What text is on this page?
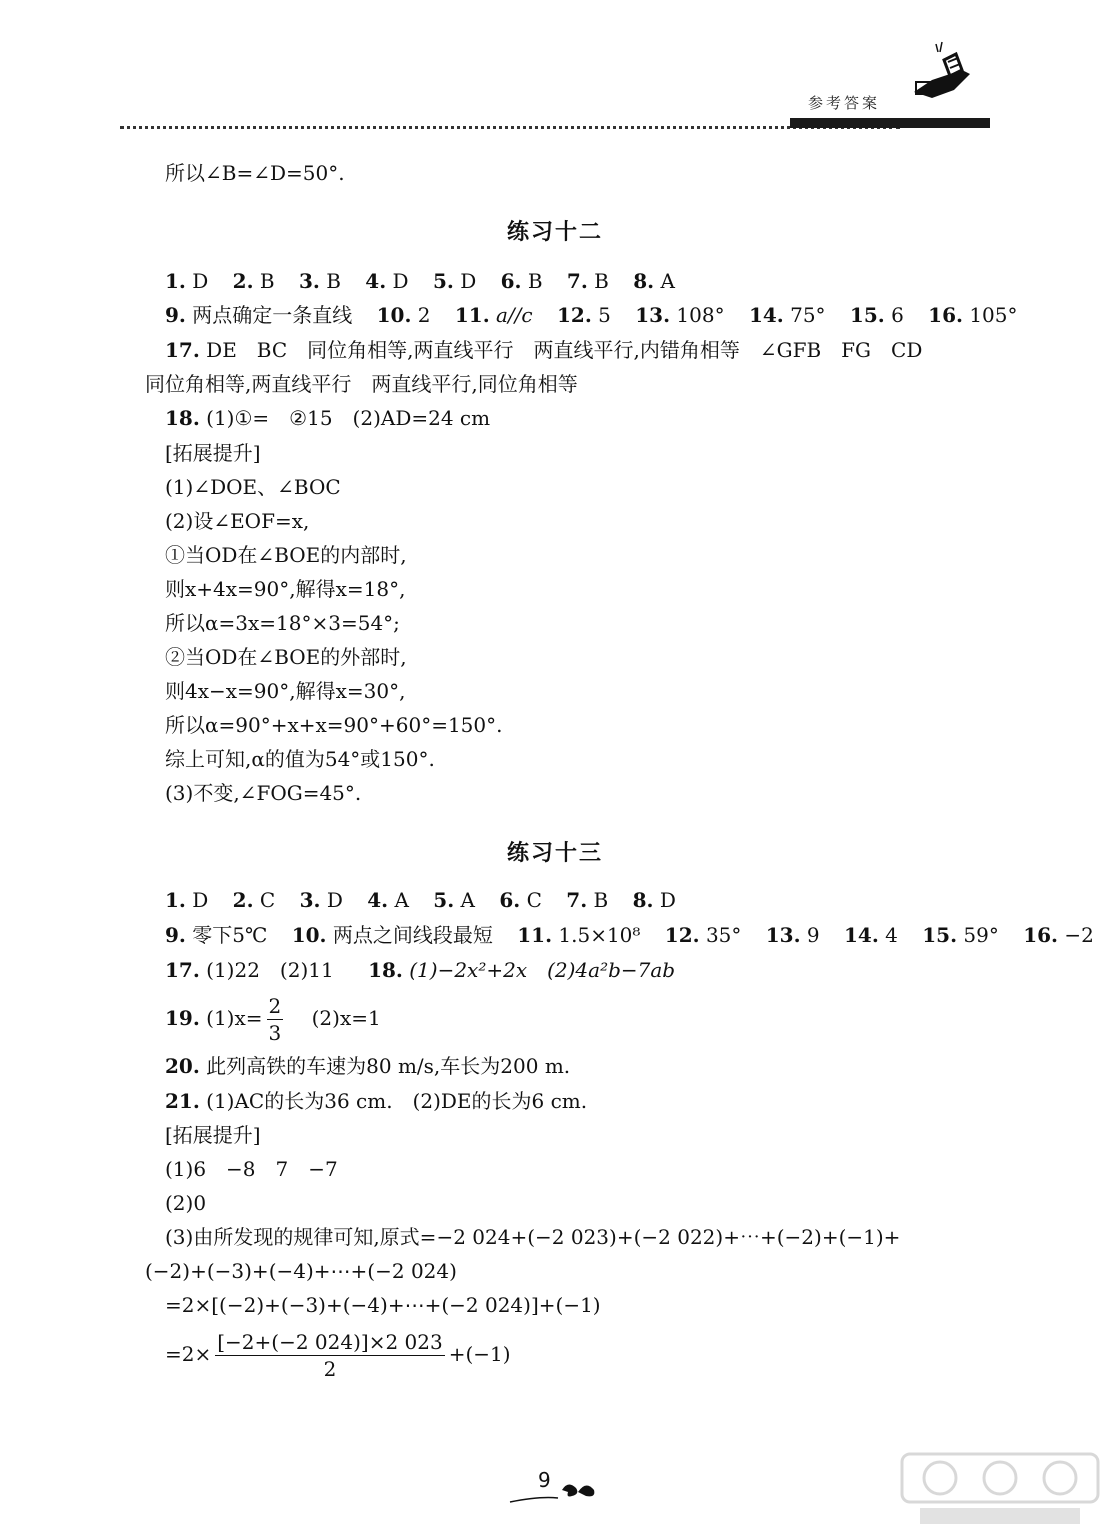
参考答案
所以∠B=∠D=50°.
练习十二
1. D 2. B 3. B 4. D 5. D 6. B 7. B 8. A
9. 两点确定一条直线 10. 2 11. a//c 12. 5 13. 108° 14. 75° 15. 6 16. 105°
17. DE　BC　同位角相等,两直线平行　两直线平行,内错角相等　∠GFB　FG　CD
同位角相等,两直线平行　两直线平行,同位角相等
18. (1)①=　②15　(2)AD=24 cm
[拓展提升]
(1)∠DOE、∠BOC
(2)设∠EOF=x,
①当OD在∠BOE的内部时,
则x+4x=90°,解得x=18°,
所以α=3x=18°×3=54°;
②当OD在∠BOE的外部时,
则4x−x=90°,解得x=30°,
所以α=90°+x+x=90°+60°=150°.
综上可知,α的值为54°或150°.
(3)不变,∠FOG=45°.
练习十三
1. D 2. C 3. D 4. A 5. A 6. C 7. B 8. D
9. 零下5℃ 10. 两点之间线段最短 11. 1.5×10⁸ 12. 35° 13. 9 14. 4 15. 59° 16. −2
17. (1)22　(2)11 18. (1)−2x²+2x　(2)4a²b−7ab
19. $(1)x= \frac{2}{3} (2)x=1$
20. 此列高铁的车速为80 m/s,车长为200 m.
21. (1)AC的长为36 cm.　(2)DE的长为6 cm.
[拓展提升]
(1)6　−8　7　−7
(2)0
(3)由所发现的规律可知,原式=−2 024+(−2 023)+(−2 022)+⋯+(−2)+(−1)+
(−2)+(−3)+(−4)+⋯+(−2 024)
=2×[(−2)+(−3)+(−4)+⋯+(−2 024)]+(−1)
$=2\times \frac{[-2+(-2 024)]\times 2 023}{2} +(-1)$
9
